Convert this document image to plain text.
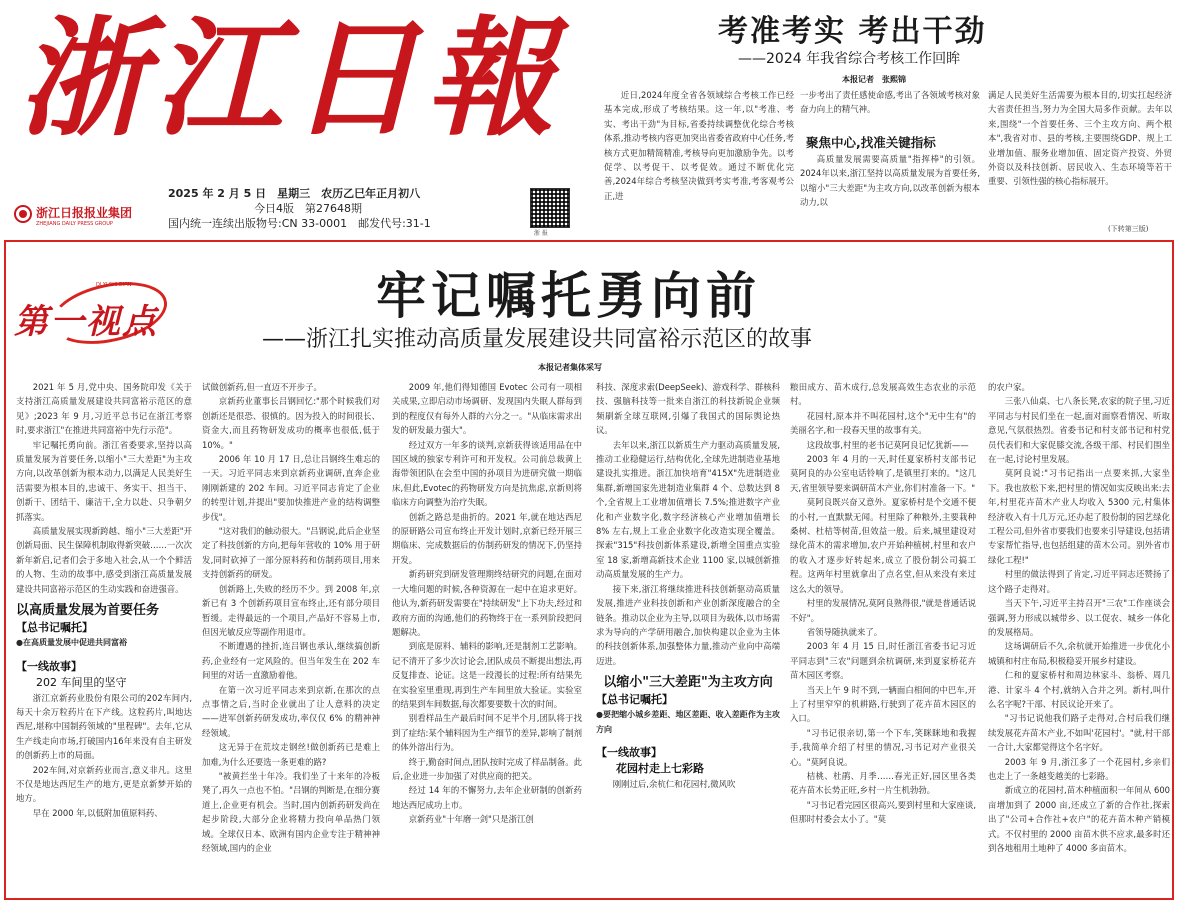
浙江日報
浙江日报报业集团
ZHEJIANG DAILY PRESS GROUP
2025 年 2 月 5 日　星期三　农历乙巳年正月初八
今日4版　第27648期
国内统一连续出版物号:CN 33-0001　邮发代号:31-1
浙 报
考准考实 考出干劲
——2024 年我省综合考核工作回眸
本报记者　张熙锦

近日,2024年度全省各领域综合考核工作已经基本完成,形成了考核结果。这一年,以"考准、考实、考出干劲"为目标,省委持续调整优化综合考核体系,推动考核内容更加突出省委省政府中心任务,考核方式更加精简精准,考核导向更加激励争先。以考促学、以考促干、以考促效。通过不断优化完善,2024年综合考核坚决做到考实考准,考客观考公正,进

一步考出了责任感使命感,考出了各领域考核对象奋力向上的精气神。

聚焦中心,找准关键指标

高质量发展需要高质量"指挥棒"的引领。2024年以来,浙江坚持以高质量发展为首要任务,以缩小"三大差距"为主攻方向,以改革创新为根本动力,以

满足人民美好生活需要为根本目的,切实扛起经济大省责任担当,努力为全国大局多作贡献。去年以来,围绕"一个首要任务、三个主攻方向、两个根本",我省对市、县的考核,主要围绕GDP、规上工业增加值、服务业增加值、固定资产投资、外贸外资以及科技创新、居民收入、生态环境等若干重要、引领性强的核心指标展开。

(下转第三版)
DI YI SHI DIAN
第一视点	牢记嘱托勇向前
——浙江扎实推动高质量发展建设共同富裕示范区的故事
本报记者集体采写

2021 年 5 月,党中央、国务院印发《关于支持浙江高质量发展建设共同富裕示范区的意见》;2023 年 9 月,习近平总书记在浙江考察时,要求浙江"在推进共同富裕中先行示范"。

牢记嘱托勇向前。浙江省委要求,坚持以高质量发展为首要任务,以缩小"三大差距"为主攻方向,以改革创新为根本动力,以满足人民美好生活需要为根本目的,忠诚干、务实干、担当干、创新干、团结干、廉洁干,全力以赴、只争朝夕抓落实。

高质量发展实现新跨越、缩小"三大差距"开创新局面、民生保障机制取得新突破……一次次新年新启,记者们会于多地入社会,从一个个鲜活的人物、生动的故事中,感受到浙江高质量发展建设共同富裕示范区的生动实践和奋进强音。

以高质量发展为首要任务

【总书记嘱托】

●在高质量发展中促进共同富裕

【一线故事】

202 车间里的坚守

浙江京新药业股份有限公司的202车间内,每天十余万粒药片在下产线。这粒药片,叫地达西尼,堪称中国制药领域的"里程碑"。去年,它从生产线走向市场,打破国内16年来没有自主研发的创新药上市的局面。

202车间,对京新药业而言,意义非凡。这里不仅是地达西尼生产的地方,更是京新梦开始的地方。

早在 2000 年,以低附加值原料药、

试做创新药,但一直迈不开步子。

京新药业董事长吕钢回忆:"那个时候我们对创新还是很恐、很慎的。因为投入的时间很长、资金大,而且药物研发成功的概率也很低,低于 10%。"

2006 年 10 月 17 日,总让吕钢终生难忘的一天。习近平同志来到京新药业调研,直奔企业刚刚新建的 202 车间。习近平同志肯定了企业的转型计划,并提出"要加快推进产业的结构调整步伐"。

"这对我们的触动很大。"吕钢说,此后企业坚定了科技创新的方向,把每年营收的 10% 用于研发,同时砍掉了一部分原料药和仿制药项目,用来支持创新药的研发。

创新路上,失败的经历不少。到 2008 年,京新已有 3 个创新药项目宣布终止,还有部分项目暂缓。走得最远的一个项目,产品好不容易上市,但因光敏反应等副作用退市。

不断遭遇的挫折,连吕钢也承认,继续搞创新药,企业经有一定风险的。但当年发生在 202 车间里的对话一直激励着他。

在第一次习近平同志来到京新,在那次的点点事情之后,当时企业就出了让人意料的决定——进军创新药研发成功,率仅仅 6% 的精神神经领域。

这无异于在荒坟走钢丝!做创新药已是难上加难,为什么还要选一条更难的路?

"被黄拦坐十年冷。我们坐了十来年的冷板凳了,再久一点也不怕。"吕钢的判断是,在细分赛道上,企业更有机会。当时,国内创新药研发尚在起步阶段,大部分企业将精力投向单品热门领域。全球仅日本、欧洲有国内企业专注于精神神经领域,国内的企业

2009 年,他们得知德国 Evotec 公司有一项相关成果,立即启动市场调研、发现国内失眠人群每到到的程度仅有每外人群的六分之一。"从临床需求出发的研发最力强大"。

经过双方一年多的谈判,京新获得该适用品在中国区域的独家专利许可和开发权。公司前总裁黄上海带领团队在会至中国的孙项目为进研究做一期临床,但此,Evotec的药物研发方向是抗焦虑,京新则将临床方向调整为治疗失眠。

创新之路总是曲折的。2021 年,就在地达西尼的原研路公司宣布终止开发计划时,京新已经开展三期临床、完成数据后的仿制药研发的情况下,仍坚持开发。

新药研究到研发管理期终结研究的问题,在面对一大堆问题的时候,各种资源在一起中在追求更好。他认为,新药研发需要在"持续研发"上下功夫,经过和政府方面的沟通,他们的药物终于在一系列阶段把问题解决。

到底是原料、辅料的影响,还是制剂工艺影响。记不清开了多少次讨论会,团队成员不断提出想法,再反复排查、论证。这是一段漫长的过程:所有结果先在实验室里重现,再到生产车间里放大验证。实验室的结果到车间数据,每次都要要数十次的时间。

别看样品生产最后时间不足半个月,团队将于找到了症结:某个辅料因为生产细节的差异,影响了制剂的体外溶出行为。

终于,勤奋时间点,团队按时完成了样品制备。此后,企业进一步加强了对供应商的把关。

经过 14 年的不懈努力,去年企业研制的创新药地达西尼成功上市。

京新药业"十年磨一剑"只是浙江创

科技、深度求索(DeepSeek)、游戏科学、群核科技、强脑科技等一批来自浙江的科技新锐企业频频刷新全球互联网,引爆了我国式的国际舆论热议。

去年以来,浙江以新质生产力驱动高质量发展,推动工业稳健运行,结构优化,全球先进制造业基地建设扎实推进。浙江加快培育"415X"先进制造业集群,新增国家先进制造业集群 4 个、总数达到 8 个,全省规上工业增加值增长 7.5%;推进数字产业化和产业数字化,数字经济核心产业增加值增长 8% 左右,规上工业企业数字化改造实现全覆盖。探索"315"科技创新体系建设,新增全国重点实验室 18 家,新增高新技术企业 1100 家,以城创新推动高质量发展的生产力。

接下来,浙江将继续推进科技创新驱动高质量发展,推进产业科技创新和产业创新深度融合的全链条。推动以企业为主导,以项目为载体,以市场需求为导向的产学研用融合,加快构建以企业为主体的科技创新体系,加强整体力量,推动产业向中高端迈进。

以缩小"三大差距"为主攻方向

【总书记嘱托】

●要把缩小城乡差距、地区差距、收入差距作为主攻方向

【一线故事】

花园村走上七彩路

刚刚过后,余杭仁和花园村,微风吹

粮田成方、苗木成行,总发展高效生态农业的示范村。

花园村,原本并不叫花园村,这个"无中生有"的美丽名字,和一段春天里的故事有关。

这段故事,村里的老书记莫阿良记忆犹新——

2003 年 4 月的一天,时任夏家桥村支部书记莫阿良的办公室电话铃响了,是镇里打来的。"这几天,省里领导要来调研苗木产业,你们村准备一下。"

莫阿良既兴奋又意外。夏家桥村是个交通不便的小村,一直默默无闻。村里除了种粮外,主要栽种桑树、杜桔等树苗,但效益一般。后来,城里建设对绿化苗木的需求增加,农户开始种植树,村里和农户的收入才逐步好转起来,成立了股份制公司搞工程。这两年村里就拿出了点名堂,但从来没有来过这么大的领导。

村里的发展情况,莫阿良熟得很,"就是普通话说不好"。

省领导随执就来了。

2003 年 4 月 15 日,时任浙江省委书记习近平同志到"三农"问题到余杭调研,来到夏家桥花卉苗木园区考察。

当天上午 9 时不到,一辆面白相间的中巴车,开上了村里窄窄的机耕路,行驶到了花卉苗木园区的入口。

"习书记很亲切,第一个下车,笑眯眯地和我握手,我简单介绍了村里的情况,习书记对产业很关心。"莫阿良说。

桔桃、杜鹃、月季……春光正好,园区里各类花卉苗木长势正旺,乡村一片生机勃勃。

"习书记看完园区很高兴,要到村里和大家座谈,但那时村委会太小了。"莫

的农户家。

三张八仙桌、七八条长凳,农家的院子里,习近平同志与村民们坐在一起,面对面察看情况、听取意见,气氛很热烈。省委书记和村支部书记和村党员代表们和大家促膝交流,各级干部、村民们围坐在一起,讨论村里发展。

莫阿良说:"习书记指出一点要来抓,大家坐下。我也放松下来,把村里的情况如实反映出来:去年,村里花卉苗木产业人均收入 5300 元,村集体经济收入有十几万元,还办起了股份制的园艺绿化工程公司,但外省市要我们也要来引导建设,包括请专家帮忙指导,也包括组建的苗木公司。别外省市绿化工程!"

村里的做法得到了肯定,习近平同志还赞扬了这个路子走得对。

当天下午,习近平主持召开"三农"工作座谈会强调,努力形成以城带乡、以工促农、城乡一体化的发展格局。

这场调研后不久,余杭就开始推进一步优化小城镇和村庄布局,积极稳妥开展乡村建设。

仁和的夏家桥村和周边林家斗、翁桥、周几港、计家斗 4 个村,就纳入合并之列。新村,叫什么名字呢?干部、村民议论开来了。

"习书记说他我们路子走得对,合村后我们继续发展花卉苗木产业,不如叫'花园村'。"就,村干部一合计,大家都觉得这个名字好。

2003 年 9 月,浙江多了一个花园村,乡亲们也走上了一条越变越美的七彩路。

新成立的花园村,苗木种植面积一年间从 600 亩增加到了 2000 亩,还成立了新的合作社,探索出了"公司+合作社+农户"的花卉苗木种产销模式。不仅村里的 2000 亩苗木供不应求,最多时还到各地租用土地种了 4000 多亩苗木。
